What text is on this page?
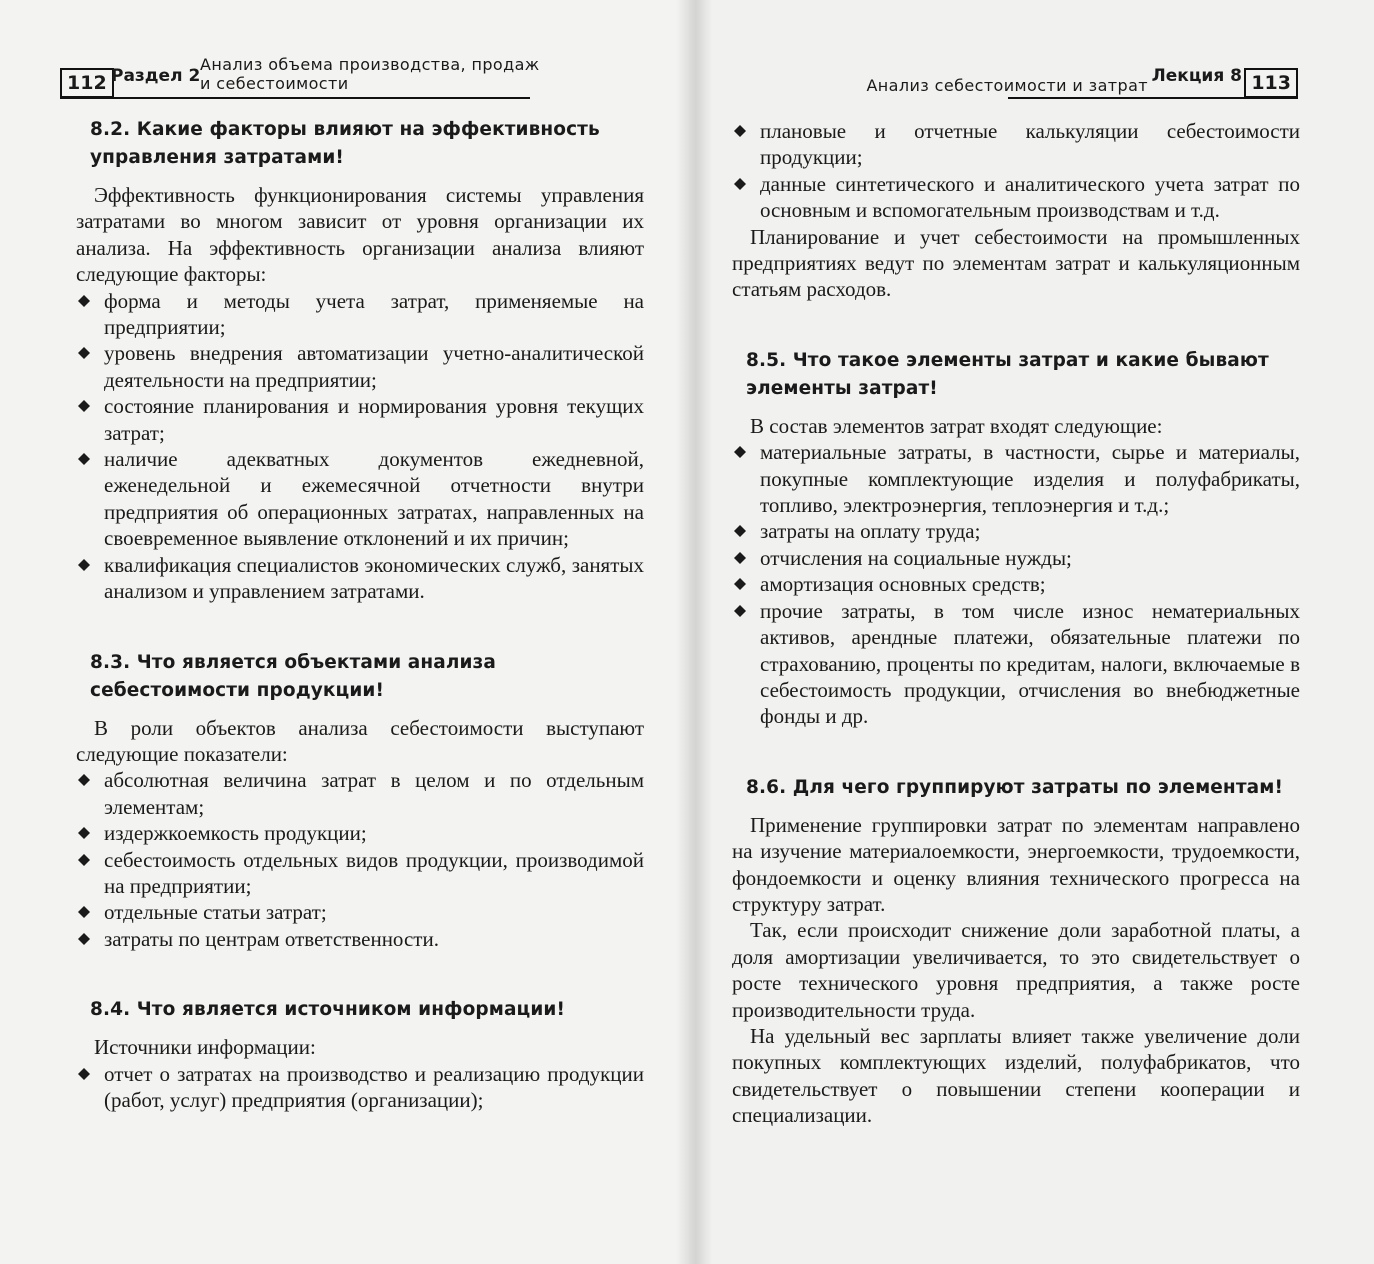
112 Раздел 2
Анализ объема производства, продаж
и себестоимости	Анализ себестоимости и затрат Лекция 8 113
8.2. Какие факторы влияют на эффективность управления затратами!

Эффективность функционирования системы управления затратами во многом зависит от уровня организации их анализа. На эффективность организации анализа влияют следующие факторы:

форма и методы учета затрат, применяемые на предприятии;
уровень внедрения автоматизации учетно-аналитической деятельности на предприятии;
состояние планирования и нормирования уровня текущих затрат;
наличие адекватных документов ежедневной, еженедельной и ежемесячной отчетности внутри предприятия об операционных затратах, направленных на своевременное выявление отклонений и их причин;
квалификация специалистов экономических служб, занятых анализом и управлением затратами.
8.3. Что является объектами анализа себестоимости продукции!

В роли объектов анализа себестоимости выступают следующие показатели:

абсолютная величина затрат в целом и по отдельным элементам;
издержкоемкость продукции;
себестоимость отдельных видов продукции, производимой на предприятии;
отдельные статьи затрат;
затраты по центрам ответственности.
8.4. Что является источником информации!

Источники информации:

отчет о затратах на производство и реализацию продукции (работ, услуг) предприятия (организации);
плановые и отчетные калькуляции себестоимости продукции;
данные синтетического и аналитического учета затрат по основным и вспомогательным производствам и т.д.

Планирование и учет себестоимости на промышленных предприятиях ведут по элементам затрат и калькуляционным статьям расходов.

8.5. Что такое элементы затрат и какие бывают элементы затрат!

В состав элементов затрат входят следующие:

материальные затраты, в частности, сырье и материалы, покупные комплектующие изделия и полуфабрикаты, топливо, электроэнергия, теплоэнергия и т.д.;
затраты на оплату труда;
отчисления на социальные нужды;
амортизация основных средств;
прочие затраты, в том числе износ нематериальных активов, арендные платежи, обязательные платежи по страхованию, проценты по кредитам, налоги, включаемые в себестоимость продукции, отчисления во внебюджетные фонды и др.
8.6. Для чего группируют затраты по элементам!

Применение группировки затрат по элементам направлено на изучение материалоемкости, энергоемкости, трудоемкости, фондоемкости и оценку влияния технического прогресса на структуру затрат.

Так, если происходит снижение доли заработной платы, а доля амортизации увеличивается, то это свидетельствует о росте технического уровня предприятия, а также росте производительности труда.

На удельный вес зарплаты влияет также увеличение доли покупных комплектующих изделий, полуфабрикатов, что свидетельствует о повышении степени кооперации и специализации.
